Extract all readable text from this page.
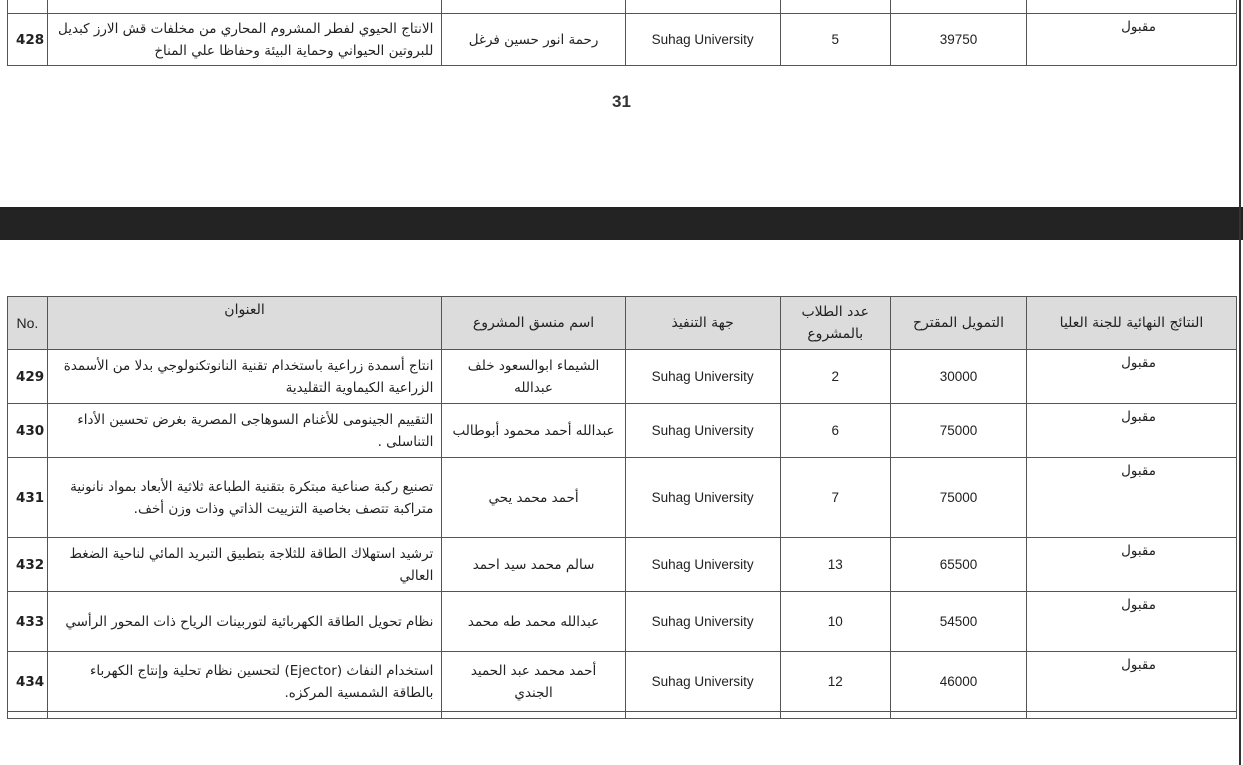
428	الانتاج الحيوي لفطر المشروم المحاري من مخلفات قش الارز كبديل للبروتين الحيواني وحماية البيئة وحفاظا علي المناخ	رحمة انور حسين فرغل	Suhag University	5	39750	مقبول
31
No.	العنوان	اسم منسق المشروع	جهة التنفيذ	عدد الطلاب بالمشروع	التمويل المقترح	النتائج النهائية للجنة العليا
429	انتاج أسمدة زراعية باستخدام تقنية النانوتكنولوجي بدلا من الأسمدة الزراعية الكيماوية التقليدية	الشيماء ابوالسعود خلف عبدالله	Suhag University	2	30000	مقبول
430	التقييم الجينومى للأغنام السوهاجى المصرية بغرض تحسين الأداء التناسلى .	عبدالله أحمد محمود أبوطالب	Suhag University	6	75000	مقبول
431	تصنيع ركبة صناعية مبتكرة بتقنية الطباعة ثلاثية الأبعاد بمواد نانونية متراكبة تتصف بخاصية التزييت الذاتي وذات وزن أخف.	أحمد محمد يحي	Suhag University	7	75000	مقبول
432	ترشيد استهلاك الطاقة للثلاجة بتطبيق التبريد المائي لناحية الضغط العالي	سالم محمد سيد احمد	Suhag University	13	65500	مقبول
433	نظام تحويل الطاقة الكهربائية لتوربينات الرياح ذات المحور الرأسي	عبدالله محمد طه محمد	Suhag University	10	54500	مقبول
434	استخدام النفاث (Ejector) لتحسين نظام تحلية وإنتاج الكهرباء بالطاقة الشمسية المركزه.	أحمد محمد عبد الحميد الجندي	Suhag University	12	46000	مقبول
